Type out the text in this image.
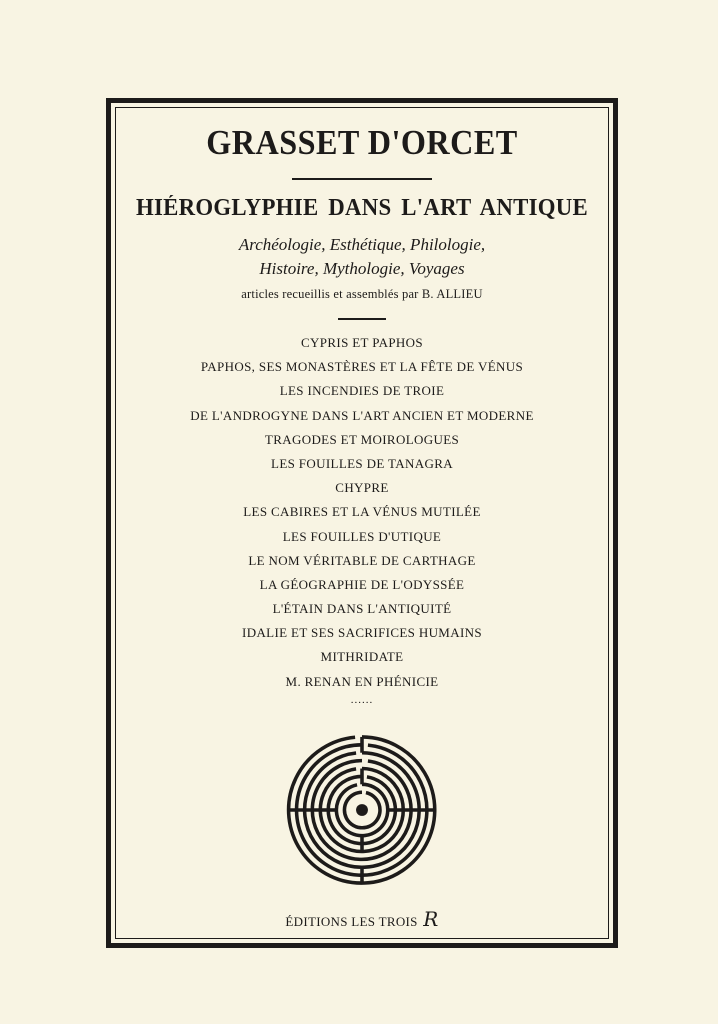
GRASSET D'ORCET
HIÉROGLYPHIE DANS L'ART ANTIQUE
Archéologie, Esthétique, Philologie,
Histoire, Mythologie, Voyages
articles recueillis et assemblés par B. ALLIEU
CYPRIS ET PAPHOS
PAPHOS, SES MONASTÈRES ET LA FÊTE DE VÉNUS
LES INCENDIES DE TROIE
DE L'ANDROGYNE DANS L'ART ANCIEN ET MODERNE
TRAGODES ET MOIROLOGUES
LES FOUILLES DE TANAGRA
CHYPRE
LES CABIRES ET LA VÉNUS MUTILÉE
LES FOUILLES D'UTIQUE
LE NOM VÉRITABLE DE CARTHAGE
LA GÉOGRAPHIE DE L'ODYSSÉE
L'ÉTAIN DANS L'ANTIQUITÉ
IDALIE ET SES SACRIFICES HUMAINS
MITHRIDATE
M. RENAN EN PHÉNICIE
......
ÉDITIONS LES TROIS R
